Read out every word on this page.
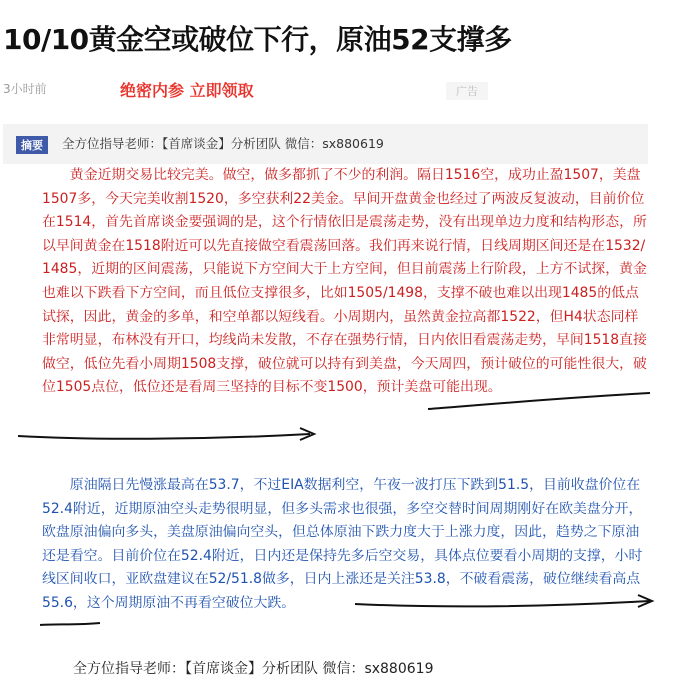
10/10黄金空或破位下行，原油52支撑多
3小时前	绝密内参 立即领取	广告
摘要	全方位指导老师：【首席谈金】分析团队 微信：sx880619

黄金近期交易比较完美。做空，做多都抓了不少的利润。隔日1516空，成功止盈1507，美盘1507多，今天完美收割1520，多空获利22美金。早间开盘黄金也经过了两波反复波动，目前价位在1514，首先首席谈金要强调的是，这个行情依旧是震荡走势，没有出现单边力度和结构形态，所以早间黄金在1518附近可以先直接做空看震荡回落。我们再来说行情，日线周期区间还是在1532/1485，近期的区间震荡，只能说下方空间大于上方空间，但目前震荡上行阶段，上方不试探，黄金也难以下跌看下方空间，而且低位支撑很多，比如1505/1498，支撑不破也难以出现1485的低点试探，因此，黄金的多单，和空单都以短线看。小周期内，虽然黄金拉高都1522，但H4状态同样非常明显，布林没有开口，均线尚未发散，不存在强势行情，日内依旧看震荡走势，早间1518直接做空，低位先看小周期1508支撑，破位就可以持有到美盘，今天周四，预计破位的可能性很大，破位1505点位，低位还是看周三坚持的目标不变1500，预计美盘可能出现。

原油隔日先慢涨最高在53.7，不过EIA数据利空，午夜一波打压下跌到51.5，目前收盘价位在52.4附近，近期原油空头走势很明显，但多头需求也很强，多空交替时间周期刚好在欧美盘分开，欧盘原油偏向多头，美盘原油偏向空头，但总体原油下跌力度大于上涨力度，因此，趋势之下原油还是看空。目前价位在52.4附近，日内还是保持先多后空交易，具体点位要看小周期的支撑，小时线区间收口，亚欧盘建议在52/51.8做多，日内上涨还是关注53.8，不破看震荡，破位继续看高点55.6，这个周期原油不再看空破位大跌。

全方位指导老师：【首席谈金】分析团队 微信：sx880619
